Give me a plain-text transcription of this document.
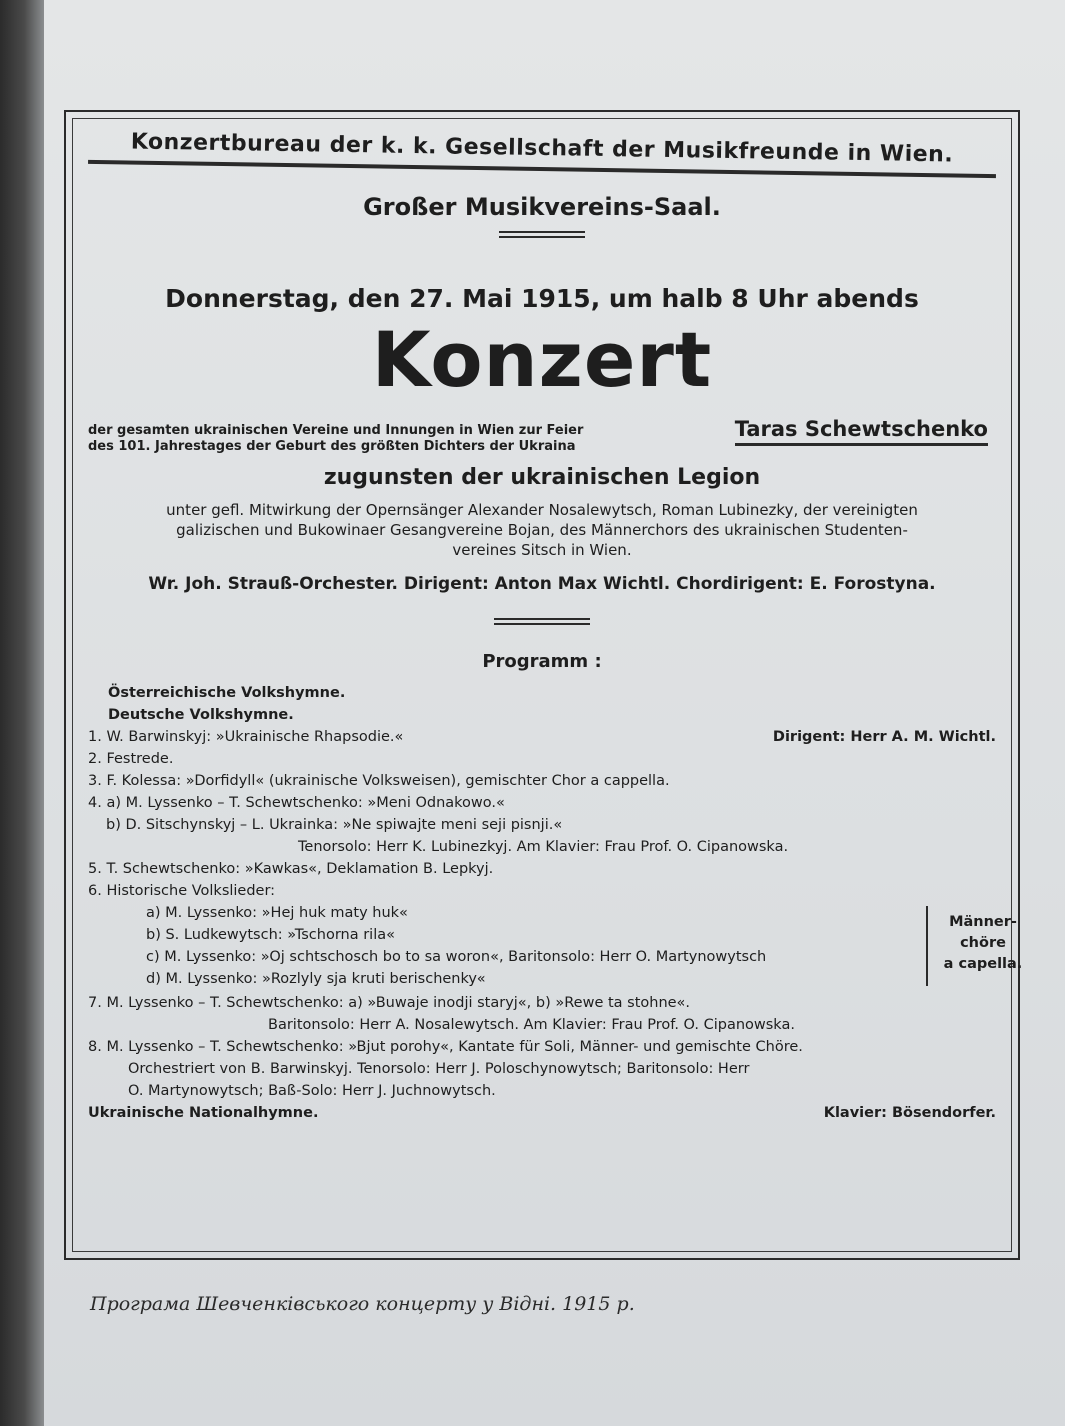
Konzertbureau der k. k. Gesellschaft der Musikfreunde in Wien.
Großer Musikvereins-Saal.
Donnerstag, den 27. Mai 1915, um halb 8 Uhr abends
Konzert
der gesamten ukrainischen Vereine und Innungen in Wien zur Feier
des 101. Jahrestages der Geburt des größten Dichters der Ukraina
Taras Schewtschenko
zugunsten der ukrainischen Legion
unter gefl. Mitwirkung der Opernsänger Alexander Nosalewytsch, Roman Lubinezky, der vereinigten
galizischen und Bukowinaer Gesangvereine Bojan, des Männerchors des ukrainischen Studenten-
vereines Sitsch in Wien.
Wr. Joh. Strauß-Orchester. Dirigent: Anton Max Wichtl. Chordirigent: E. Forostyna.
Programm :
Österreichische Volkshymne.
Deutsche Volkshymne.
1. W. Barwinskyj: »Ukrainische Rhapsodie.«	Dirigent: Herr A. M. Wichtl.
2. Festrede.
3. F. Kolessa: »Dorfidyll« (ukrainische Volksweisen), gemischter Chor a cappella.
4. a) M. Lyssenko – T. Schewtschenko: »Meni Odnakowo.«
b) D. Sitschynskyj – L. Ukrainka: »Ne spiwajte meni seji pisnji.«
Tenorsolo: Herr K. Lubinezkyj. Am Klavier: Frau Prof. O. Cipanowska.
5. T. Schewtschenko: »Kawkas«, Deklamation B. Lepkyj.
6. Historische Volkslieder:
a) M. Lyssenko: »Hej huk maty huk«
b) S. Ludkewytsch: »Tschorna rila«
c) M. Lyssenko: »Oj schtschosch bo to sa woron«, Baritonsolo: Herr O. Martynowytsch
d) M. Lyssenko: »Rozlyly sja kruti berischenky«
Männer-
chöre
a capella.
7. M. Lyssenko – T. Schewtschenko: a) »Buwaje inodji staryj«, b) »Rewe ta stohne«.
Baritonsolo: Herr A. Nosalewytsch. Am Klavier: Frau Prof. O. Cipanowska.
8. M. Lyssenko – T. Schewtschenko: »Bjut porohy«, Kantate für Soli, Männer- und gemischte Chöre.
Orchestriert von B. Barwinskyj. Tenorsolo: Herr J. Poloschynowytsch; Baritonsolo: Herr
O. Martynowytsch; Baß-Solo: Herr J. Juchnowytsch.
Ukrainische Nationalhymne.	Klavier: Bösendorfer.
Програма Шевченківського концерту у Відні. 1915 р.
